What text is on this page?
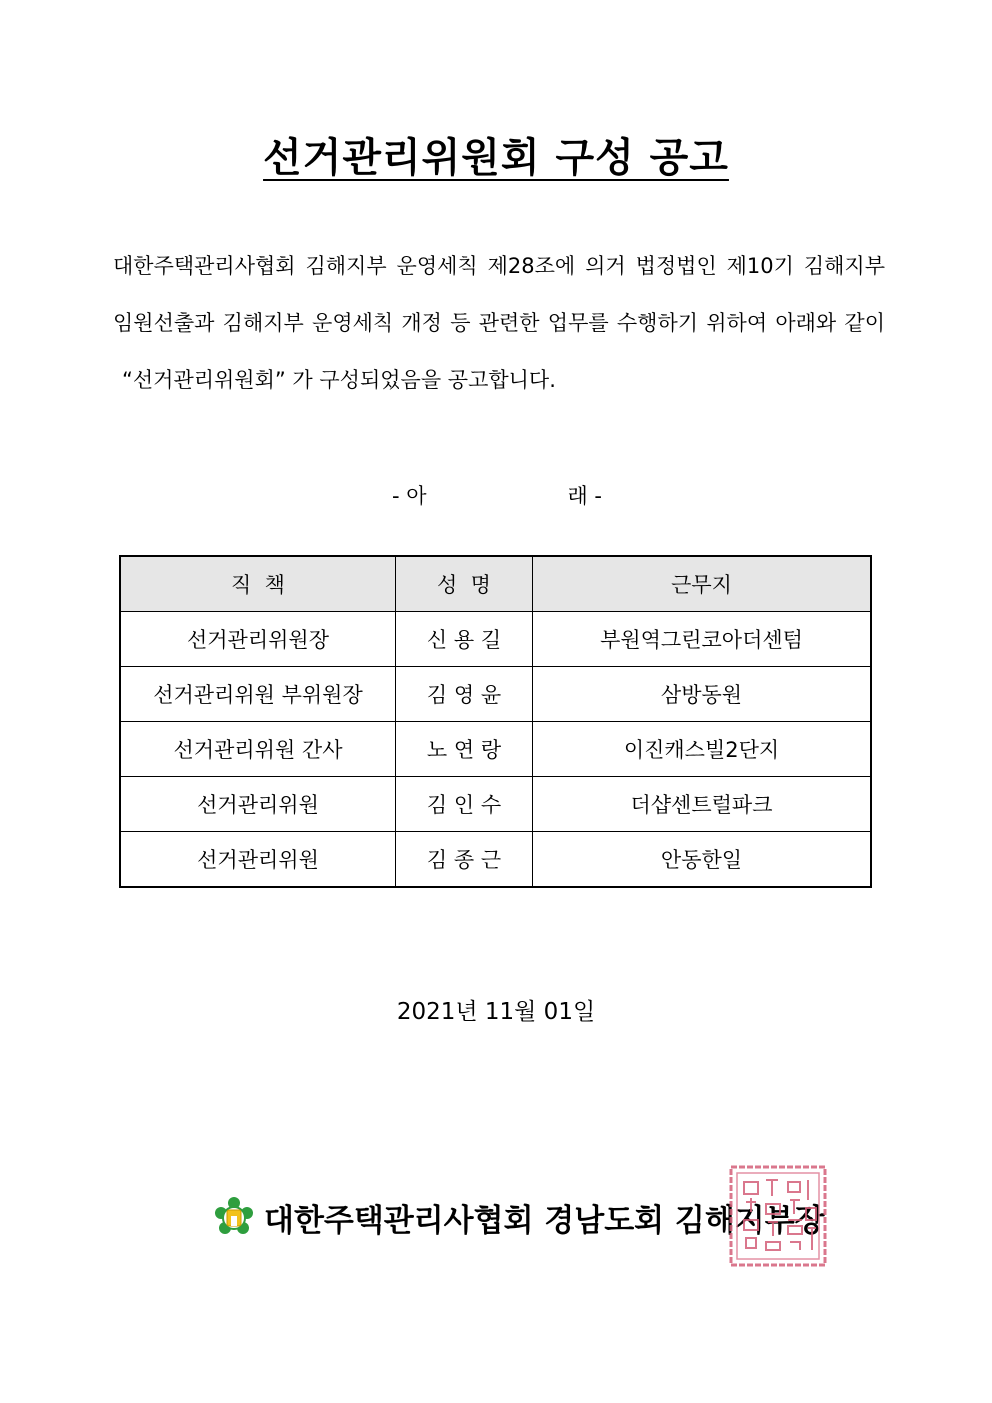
선거관리위원회 구성 공고
대한주택관리사협회 김해지부 운영세칙 제28조에 의거 법정법인 제10기 김해지부
임원선출과 김해지부 운영세칙 개정 등 관련한 업무를 수행하기 위하여 아래와 같이
“선거관리위원회” 가 구성되었음을 공고합니다.
- 아	래 -
직  책	성  명	근무지
선거관리위원장	신 용 길	부원역그린코아더센텀
선거관리위원 부위원장	김 영 윤	삼방동원
선거관리위원 간사	노 연 랑	이진캐스빌2단지
선거관리위원	김 인 수	더샵센트럴파크
선거관리위원	김 종 근	안동한일
2021년 11월 01일
대한주택관리사협회 경남도회 김해지부장
